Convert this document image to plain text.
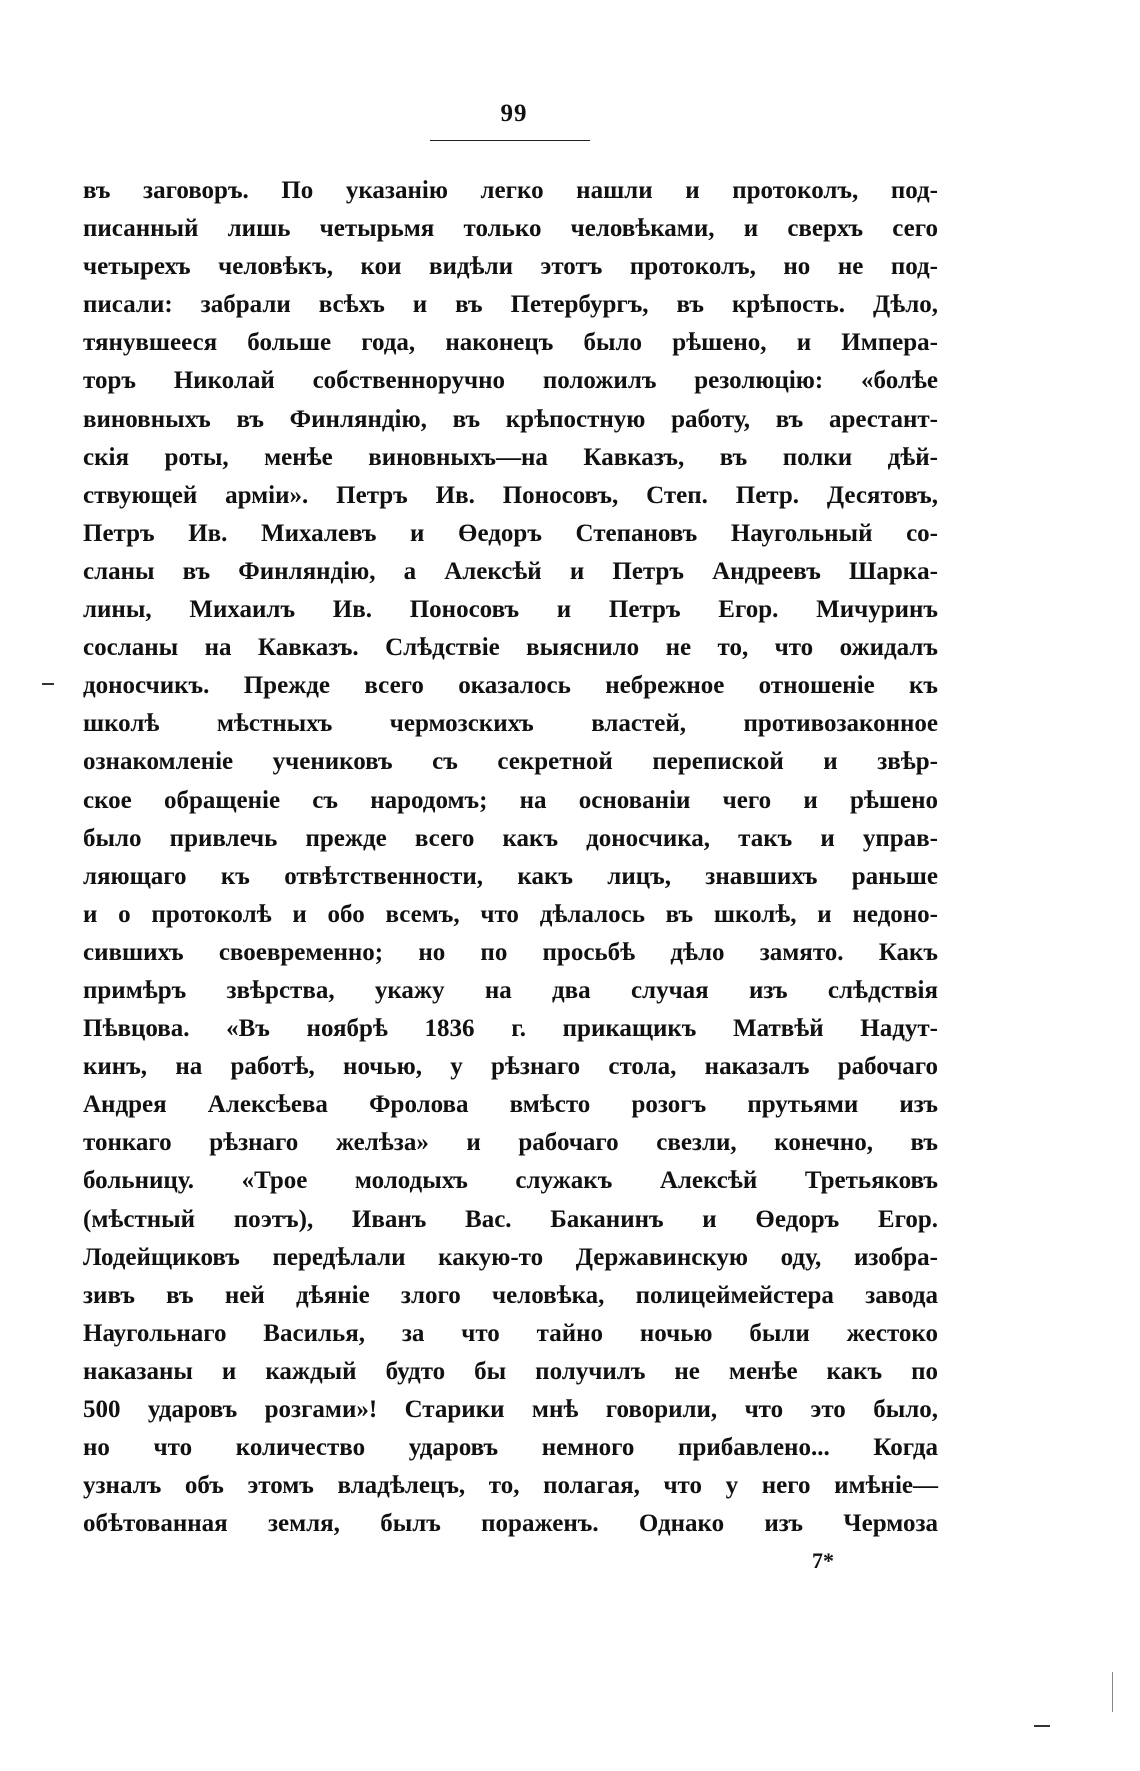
99
въ заговоръ. По указанію легко нашли и протоколъ, под-
писанный лишь четырьмя только человѣками, и сверхъ сего
четырехъ человѣкъ, кои видѣли этотъ протоколъ, но не под-
писали: забрали всѣхъ и въ Петербургъ, въ крѣпость. Дѣло,
тянувшееся больше года, наконецъ было рѣшено, и Импера-
торъ Николай собственноручно положилъ резолюцію: «болѣе
виновныхъ въ Финляндію, въ крѣпостную работу, въ арестант-
скія роты, менѣе виновныхъ—на Кавказъ, въ полки дѣй-
ствующей арміи». Петръ Ив. Поносовъ, Степ. Петр. Десятовъ,
Петръ Ив. Михалевъ и Өедоръ Степановъ Наугольный со-
сланы въ Финляндію, а Алексѣй и Петръ Андреевъ Шаркa-
лины, Михаилъ Ив. Поносовъ и Петръ Егор. Мичуринъ
сосланы на Кавказъ. Слѣдствіе выяснило не то, что ожидалъ
доносчикъ. Прежде всего оказалось небрежное отношеніе къ
школѣ мѣстныхъ чермозскихъ властей, противозаконное
ознакомленіе учениковъ съ секретной перепиской и звѣр-
ское обращеніе съ народомъ; на основаніи чего и рѣшено
было привлечь прежде всего какъ доносчика, такъ и управ-
ляющаго къ отвѣтственности, какъ лицъ, знавшихъ раньше
и о протоколѣ и обо всемъ, что дѣлалось въ школѣ, и недоно-
сившихъ своевременно; но по просьбѣ дѣло замято. Какъ
примѣръ звѣрства, укажу на два случая изъ слѣдствія
Пѣвцова. «Въ ноябрѣ 1836 г. прикащикъ Матвѣй Надут-
кинъ, на работѣ, ночью, у рѣзнаго стола, наказалъ рабочаго
Андрея Алексѣева Фролова вмѣсто розогъ прутьями изъ
тонкаго рѣзнаго желѣза» и рабочаго свезли, конечно, въ
больницу. «Трое молодыхъ служакъ Алексѣй Третьяковъ
(мѣстный поэтъ), Иванъ Вас. Баканинъ и Өедоръ Егор.
Лодейщиковъ передѣлали какую-то Державинскую оду, изобра-
зивъ въ ней дѣяніе злого человѣка, полицеймейстера завода
Наугольнаго Василья, за что тайно ночью были жестоко
наказаны и каждый будто бы получилъ не менѣе какъ по
500 ударовъ розгами»! Старики мнѣ говорили, что это было,
но что количество ударовъ немного прибавлено... Когда
узналъ объ этомъ владѣлецъ, то, полагая, что у него имѣніе—
обѣтованная земля, былъ пораженъ. Однако изъ Чермоза
7*
